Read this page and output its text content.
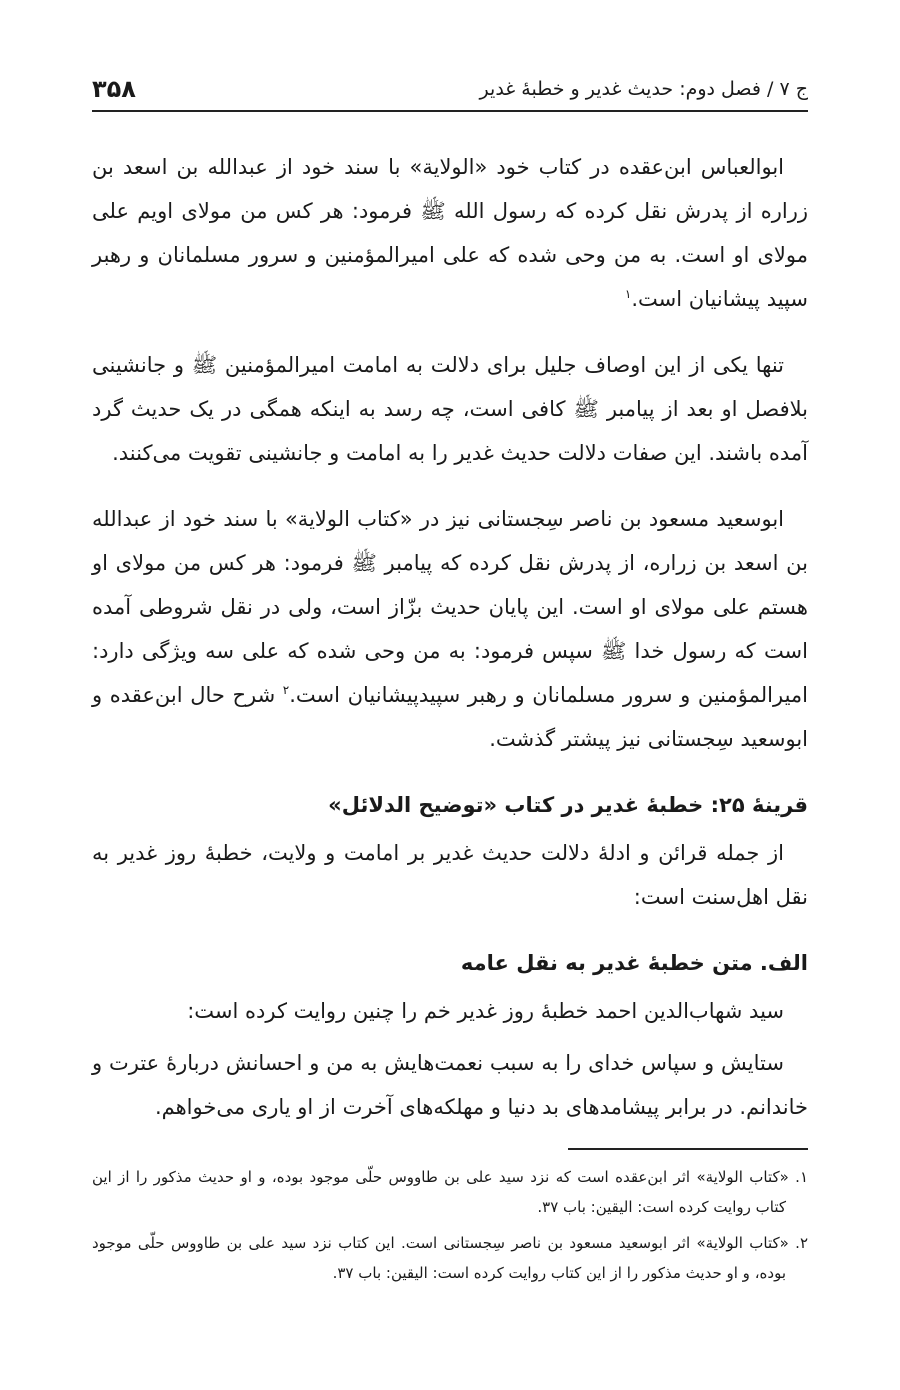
۳۵۸	ج ۷ / فصل دوم: حدیث غدیر و خطبهٔ غدیر

ابوالعباس ابن‌عقده در کتاب خود «الولایة» با سند خود از عبدالله بن اسعد بن زراره از پدرش نقل کرده که رسول الله ﷺ فرمود: هر کس من مولای اویم علی مولای او است. به من وحی شده که علی امیرالمؤمنین و سرور مسلمانان و رهبر سپید پیشانیان است.$^۱$

تنها یکی از این اوصاف جلیل برای دلالت به امامت امیرالمؤمنین ﷺ و جانشینی بلافصل او بعد از پیامبر ﷺ کافی است، چه رسد به اینکه همگی در یک حدیث گرد آمده باشند. این صفات دلالت حدیث غدیر را به امامت و جانشینی تقویت می‌کنند.

ابوسعید مسعود بن ناصر سِجستانی نیز در «کتاب الولایة» با سند خود از عبدالله بن اسعد بن زراره، از پدرش نقل کرده که پیامبر ﷺ فرمود: هر کس من مولای او هستم علی مولای او است. این پایان حدیث بزّاز است، ولی در نقل شروطی آمده است که رسول خدا ﷺ سپس فرمود: به من وحی شده که علی سه ویژگی دارد: امیرالمؤمنین و سرور مسلمانان و رهبر سپیدپیشانیان است.$^۲$ شرح حال ابن‌عقده و ابوسعید سِجستانی نیز پیشتر گذشت.

قرینهٔ ۲۵: خطبهٔ غدیر در کتاب «توضیح الدلائل»

از جمله قرائن و ادلهٔ دلالت حدیث غدیر بر امامت و ولایت، خطبهٔ روز غدیر به نقل اهل‌سنت است:

الف. متن خطبهٔ غدیر به نقل عامه

سید شهاب‌الدین احمد خطبهٔ روز غدیر خم را چنین روایت کرده است:

ستایش و سپاس خدای را به سبب نعمت‌هایش به من و احسانش دربارهٔ عترت و خاندانم. در برابر پیشامدهای بد دنیا و مهلکه‌های آخرت از او یاری می‌خواهم.

۱. «کتاب الولایة» اثر ابن‌عقده است که نزد سید علی بن طاووس حلّی موجود بوده، و او حدیث مذکور را از این کتاب روایت کرده است: الیقین: باب ۳۷.

۲. «کتاب الولایة» اثر ابوسعید مسعود بن ناصر سِجستانی است. این کتاب نزد سید علی بن طاووس حلّی موجود بوده، و او حدیث مذکور را از این کتاب روایت کرده است: الیقین: باب ۳۷.
